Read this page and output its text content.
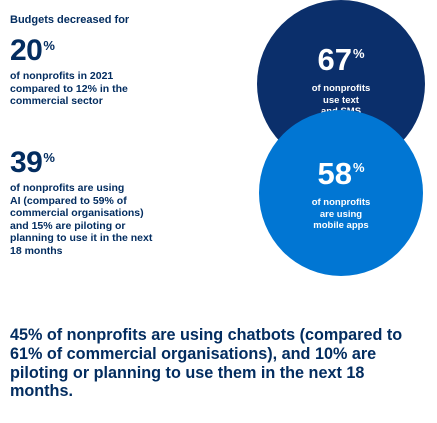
Budgets decreased for

20 %
of nonprofits in 2021
compared to 12% in the
commercial sector
39 %
of nonprofits are using
AI (compared to 59% of
commercial organisations)
and 15% are piloting or
planning to use it in the next
18 months
67 %
of nonprofits
use text

58 %
of nonprofits
are using
mobile apps

45% of nonprofits are using chatbots (compared to 61% of commercial organisations), and 10% are piloting or planning to use them in the next 18 months.
